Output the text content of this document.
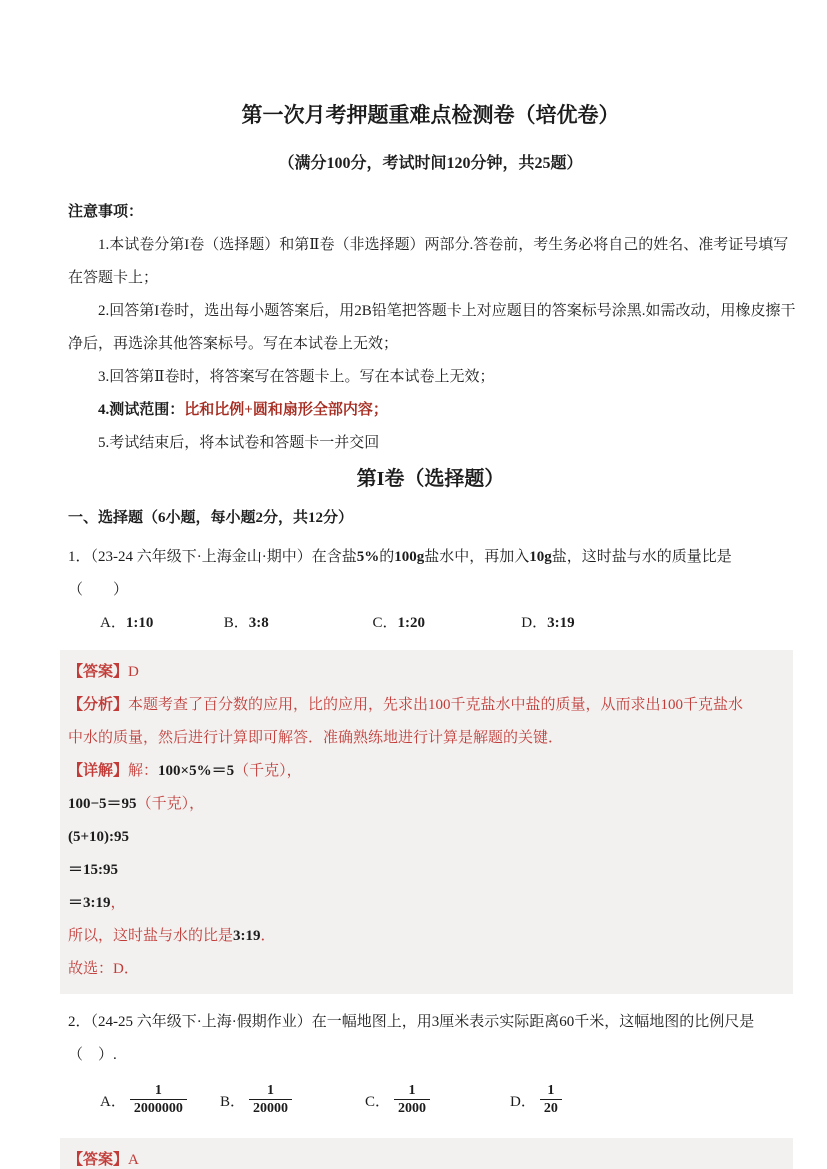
第一次月考押题重难点检测卷（培优卷）
（满分100分，考试时间120分钟，共25题）
注意事项：
1.本试卷分第I卷（选择题）和第Ⅱ卷（非选择题）两部分.答卷前，考生务必将自己的姓名、准考证号填写
在答题卡上；
2.回答第I卷时，选出每小题答案后，用2B铅笔把答题卡上对应题目的答案标号涂黑.如需改动，用橡皮擦干
净后，再选涂其他答案标号。写在本试卷上无效；
3.回答第Ⅱ卷时，将答案写在答题卡上。写在本试卷上无效；
4.测试范围：比和比例+圆和扇形全部内容；
5.考试结束后，将本试卷和答题卡一并交回
第I卷（选择题）
一、选择题（6小题，每小题2分，共12分）
1．（23-24 六年级下·上海金山·期中）在含盐5%的100g盐水中，再加入10g盐，这时盐与水的质量比是
（　　）
A．1:10	B．3:8	C．1:20	D．3:19
【答案】D
【分析】本题考查了百分数的应用，比的应用，先求出100千克盐水中盐的质量，从而求出100千克盐水
中水的质量，然后进行计算即可解答．准确熟练地进行计算是解题的关键．
【详解】解：100×5%＝5（千克），
100−5＝95（千克），
(5+10):95
＝15:95
＝3:19，
所以，这时盐与水的比是3:19．
故选：D．
2．（24-25 六年级下·上海·假期作业）在一幅地图上，用3厘米表示实际距离60千米，这幅地图的比例尺是
（　）.
A． $\frac{1}{2000000}$ B． $\frac{1}{20000}$	C． $\frac{1}{2000}$	D． $\frac{1}{20}$
【答案】A
